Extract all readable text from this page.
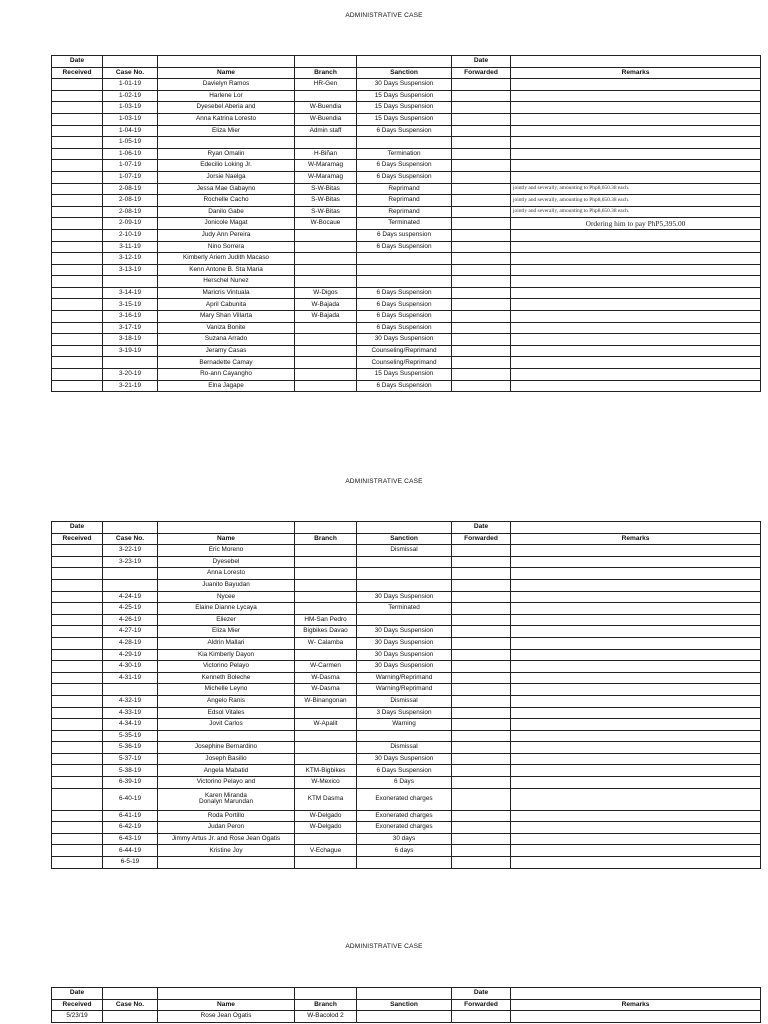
ADMINISTRATIVE CASE
Date					Date	
Received	Case No.	Name	Branch	Sanction	Forwarded	Remarks
	1-01-19	Davielyn Ramos	HR-Gen	30 Days Suspension		
	1-02-19	Harlene Lor		15 Days Suspension		
	1-03-19	Dyesebel Aberia and	W-Buendia	15 Days Suspension		
	1-03-19	Anna Katrina Loresto	W-Buendia	15 Days Suspension		
	1-04-19	Eliza Mier	Admin staff	6 Days Suspension		
	1-05-19					
	1-06-19	Ryan Omalin	H-Biñan	Termination		
	1-07-19	Edecilio Loking Jr.	W-Maramag	6 Days Suspension		
	1-07-19	Jorsie Naelga	W-Maramag	6 Days Suspension		
	2-08-19	Jessa Mae Gabayno	S-W-Bitas	Reprimand		jointly and severally, amounting to Php8,650.38 each.
	2-08-19	Rochelle Cacho	S-W-Bitas	Reprimand		jointly and severally, amounting to Php8,650.38 each.
	2-08-19	Danilo Gabe	S-W-Bitas	Reprimand		jointly and severally, amounting to Php8,650.38 each.
	2-09-19	Jonicole Magat	W-Bocaue	Terminated		Ordering him to pay PhP5,395.00
	2-10-19	Judy Ann Pereira		6 Days suspension		
	3-11-19	Nino Sorrera		6 Days Suspension		
	3-12-19	Kimberly Ariem Judith Macaso				
	3-13-19	Kenn Antone B. Sta Maria				
		Herschel Nunez				
	3-14-19	Maricris Vintuala	W-Digos	6 Days Suspension		
	3-15-19	April Cabunita	W-Bajada	6 Days Suspension		
	3-16-19	Mary Shan Villarta	W-Bajada	6 Days Suspension		
	3-17-19	Vaniza Bonite		6 Days Suspension		
	3-18-19	Suzana Arrado		30 Days Suspension		
	3-19-19	Jeramy Casas		Counseling/Reprimand		
		Bernadette Camay		Counseling/Reprimand		
	3-20-19	Ro-ann Cayangho		15 Days Suspension		
	3-21-19	Elna Jagape		6 Days Suspension		
ADMINISTRATIVE CASE
Date					Date	
Received	Case No.	Name	Branch	Sanction	Forwarded	Remarks
	3-22-19	Eric Moreno		Dismissal		
	3-23-19	Dyesebel				
		Anna Loresto				
		Juanito Bayudan				
	4-24-19	Nycee		30 Days Suspension		
	4-25-19	Elaine Dianne Lycaya		Terminated		
	4-26-19	Eliezer	HM-San Pedro			
	4-27-19	Eliza Mier	Bigbikes Davao	30 Days Suspension		
	4-28-19	Aldrin Mallari	W- Calamba	30 Days Suspension		
	4-29-19	Kia Kimberly Dayon		30 Days Suspension		
	4-30-19	Victorino Pelayo	W-Carmen	30 Days Suspension		
	4-31-19	Kenneth Boleche	W-Dasma	Warning/Reprimand		
		Michelle Leyno	W-Dasma	Warning/Reprimand		
	4-32-19	Angelo Ranis	W-Binangonan	Dismissal		
	4-33-19	Edsol Vitales		3 Days Suspension		
	4-34-19	Jovit Carlos	W-Apalit	Warning		
	5-35-19					
	5-36-19	Josephine Bernardino		Dismissal		
	5-37-19	Joseph Basilio		30 Days Suspension		
	5-38-19	Angela Mabatid	KTM-Bigbikes	6 Days Suspension		
	6-39-19	Victorino Pelayo and	W-Mexico	6 Days		
	6-40-19	Karen Miranda
Donalyn Marundan	KTM Dasma	Exonerated charges		
	6-41-19	Roda Portillo	W-Delgado	Exonerated charges		
	6-42-19	Judan Peron	W-Delgado	Exonerated charges		
	6-43-19	Jimmy Artus Jr. and Rose Jean Ogatis		30 days		
	6-44-19	Kristine Joy	V-Echague	6 days		
	6-5-19					
ADMINISTRATIVE CASE
Date					Date	
Received	Case No.	Name	Branch	Sanction	Forwarded	Remarks
5/23/19		Rose Jean Ogatis	W-Bacolod 2			
